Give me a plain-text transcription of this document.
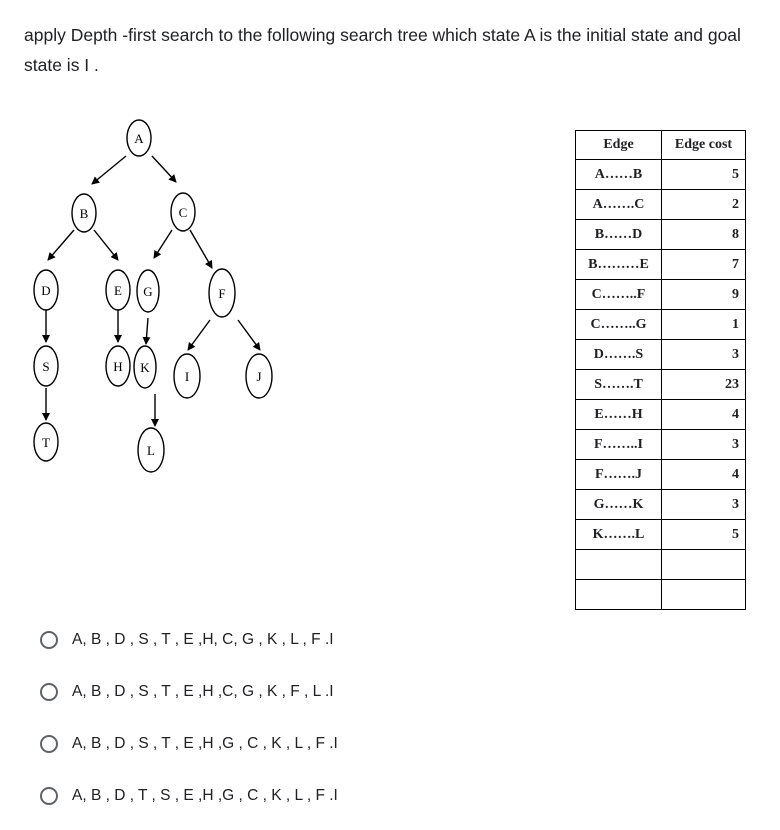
apply Depth -first search to the following search tree which state A is the initial state and goal state is I .
A
B	C
D	E G	F
S	H K
I	J
T
L
Edge	Edge cost
A……B	5
A…….C	2
B……D	8
B………E	7
C……..F	9
C……..G	1
D…….S	3
S…….T	23
E……H	4
F……..I	3
F…….J	4
G……K	3
K…….L	5

A, B , D , S , T , E ,H, C, G , K , L , F .I
A, B , D , S , T , E ,H ,C, G , K , F , L .I
A, B , D , S , T , E ,H ,G , C , K , L , F .I
A, B , D , T , S , E ,H ,G , C , K , L , F .I
